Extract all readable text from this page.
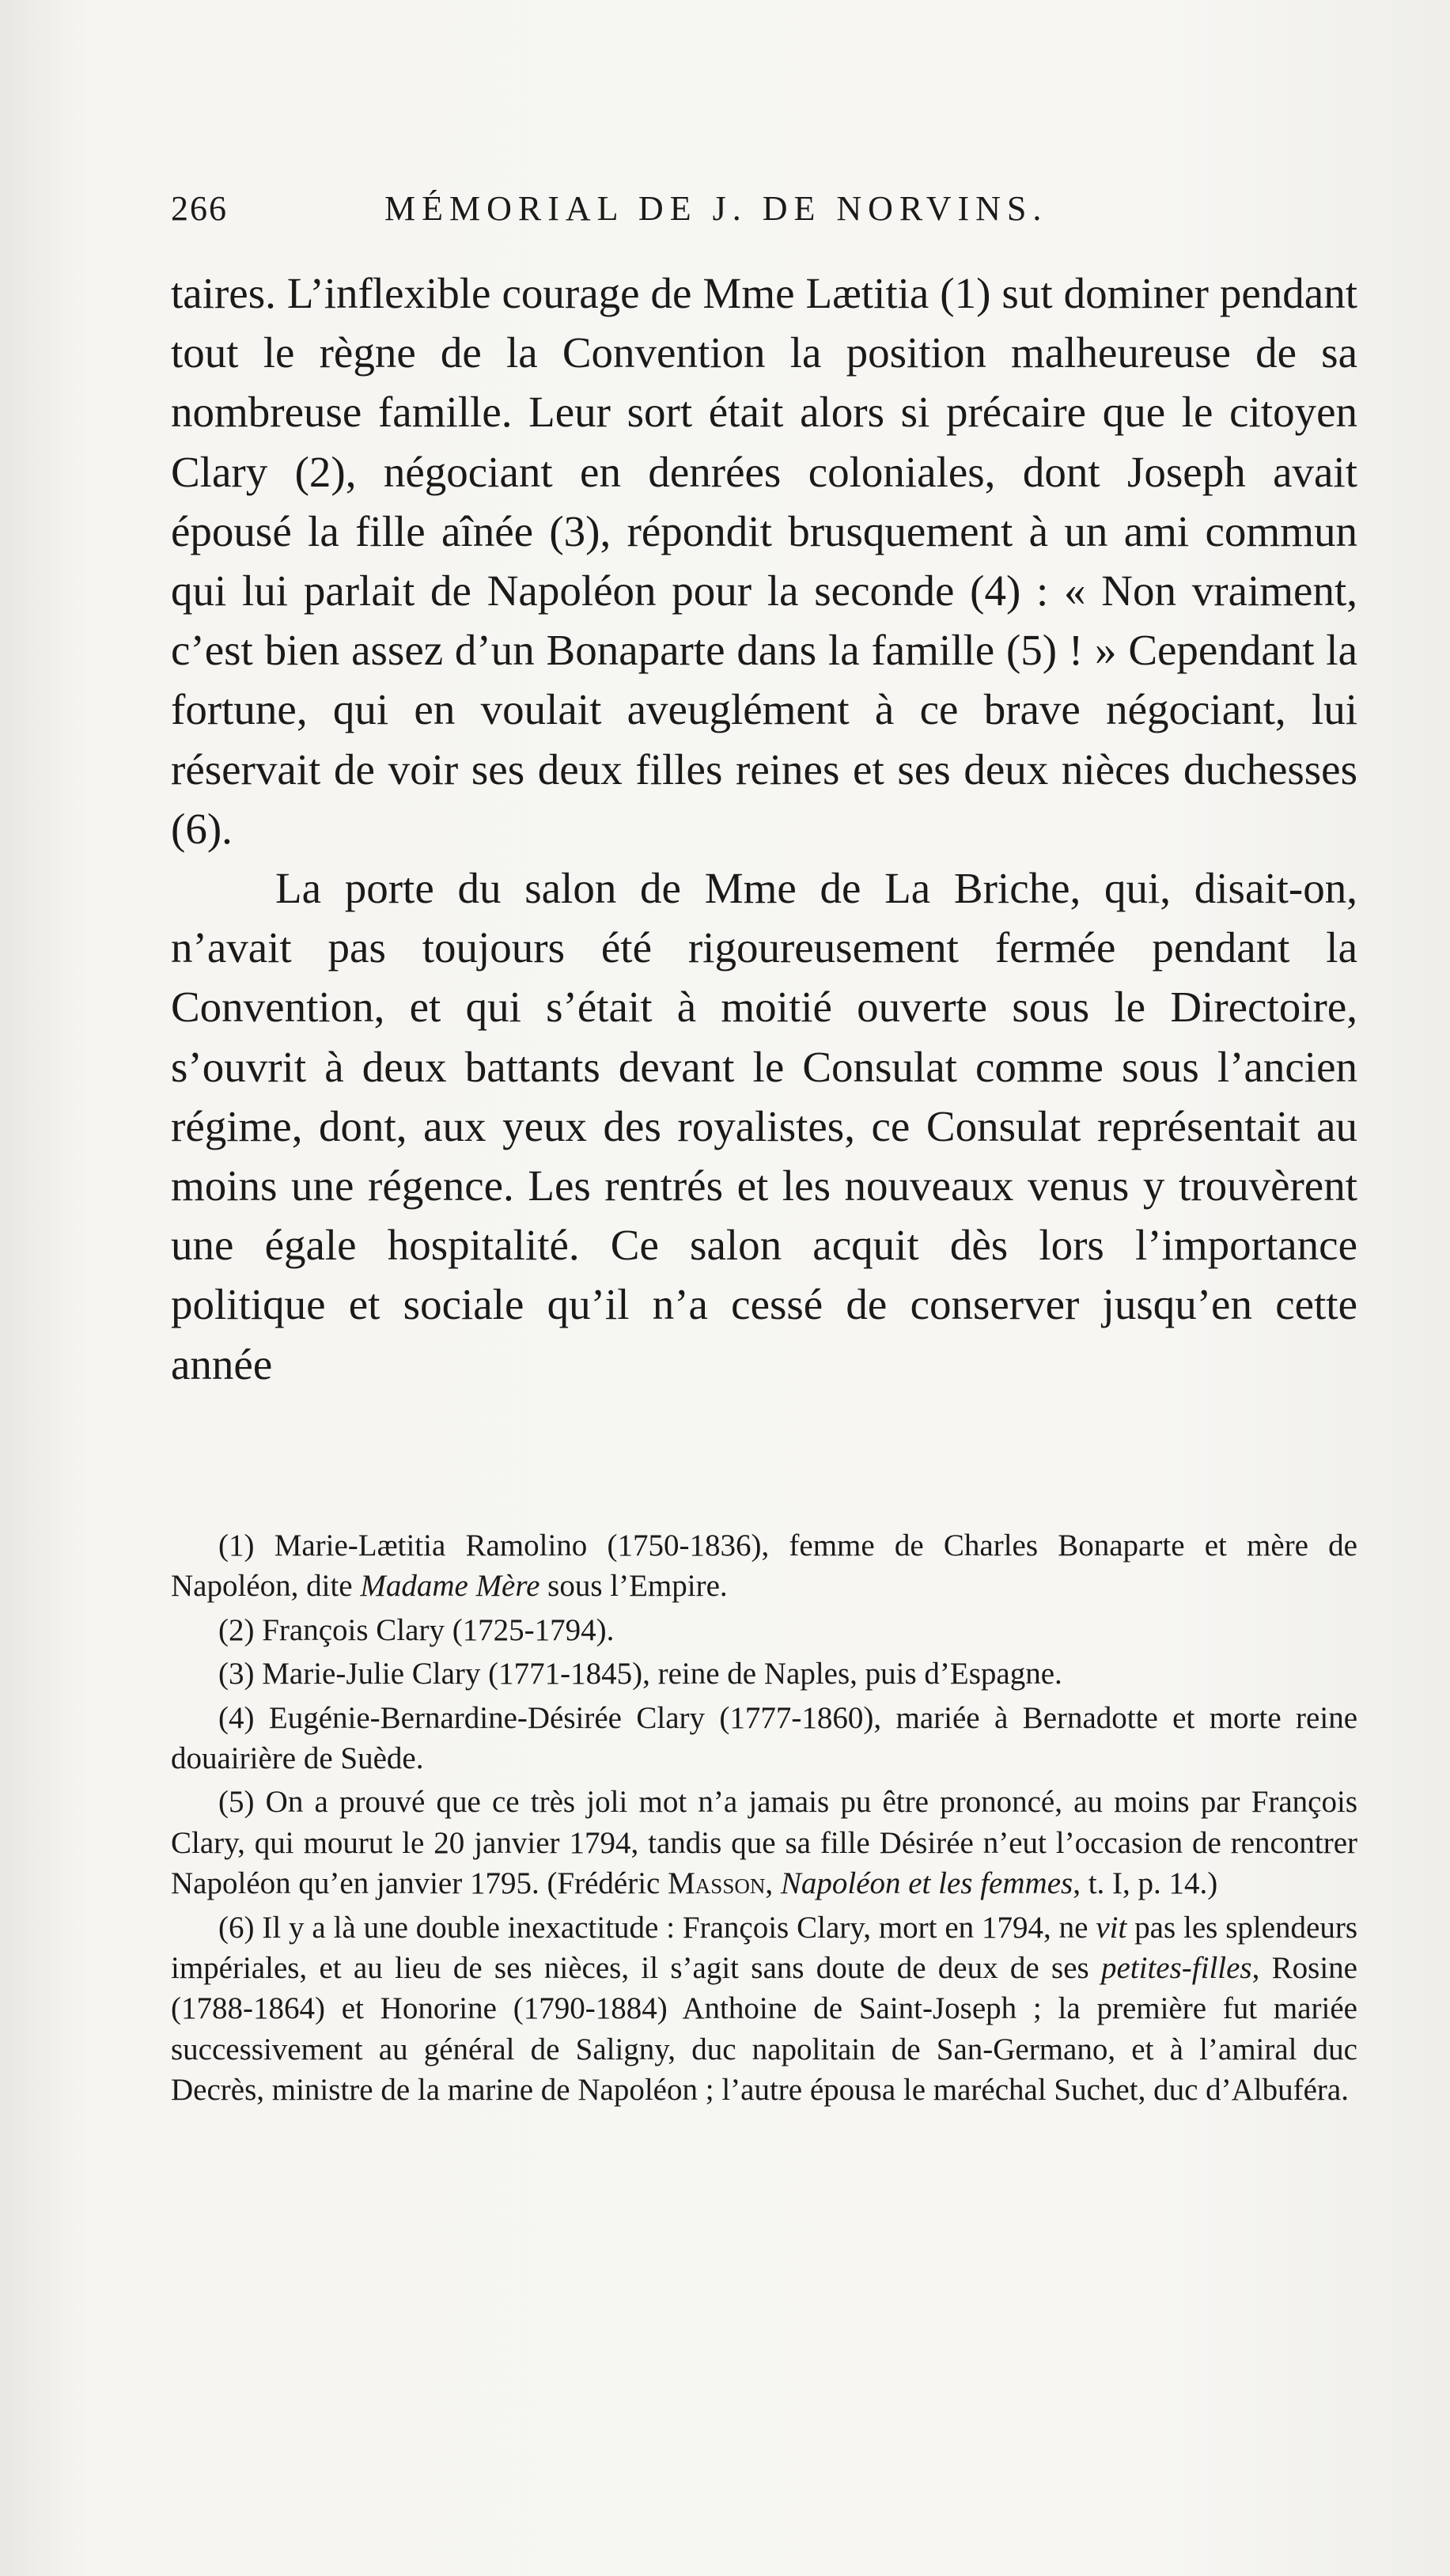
266	MÉMORIAL DE J. DE NORVINS.

taires. L’inflexible courage de Mme Lætitia (1) sut dominer pendant tout le règne de la Convention la position malheureuse de sa nombreuse famille. Leur sort était alors si précaire que le citoyen Clary (2), négociant en denrées coloniales, dont Joseph avait épousé la fille aînée (3), répondit brusquement à un ami commun qui lui parlait de Napoléon pour la seconde (4) : « Non vraiment, c’est bien assez d’un Bonaparte dans la famille (5) ! » Cependant la fortune, qui en voulait aveuglément à ce brave négociant, lui réservait de voir ses deux filles reines et ses deux nièces duchesses (6).

La porte du salon de Mme de La Briche, qui, disait-on, n’avait pas toujours été rigoureusement fermée pendant la Convention, et qui s’était à moitié ouverte sous le Directoire, s’ouvrit à deux battants devant le Consulat comme sous l’ancien régime, dont, aux yeux des royalistes, ce Consulat représentait au moins une régence. Les rentrés et les nouveaux venus y trouvèrent une égale hospitalité. Ce salon acquit dès lors l’importance politique et sociale qu’il n’a cessé de conserver jusqu’en cette année

(1) Marie-Lætitia Ramolino (1750-1836), femme de Charles Bonaparte et mère de Napoléon, dite Madame Mère sous l’Empire.

(2) François Clary (1725-1794).

(3) Marie-Julie Clary (1771-1845), reine de Naples, puis d’Espagne.

(4) Eugénie-Bernardine-Désirée Clary (1777-1860), mariée à Bernadotte et morte reine douairière de Suède.

(5) On a prouvé que ce très joli mot n’a jamais pu être prononcé, au moins par François Clary, qui mourut le 20 janvier 1794, tandis que sa fille Désirée n’eut l’occasion de rencontrer Napoléon qu’en janvier 1795. (Frédéric Masson, Napoléon et les femmes, t. I, p. 14.)

(6) Il y a là une double inexactitude : François Clary, mort en 1794, ne vit pas les splendeurs impériales, et au lieu de ses nièces, il s’agit sans doute de deux de ses petites-filles, Rosine (1788-1864) et Honorine (1790-1884) Anthoine de Saint-Joseph ; la première fut mariée successivement au général de Saligny, duc napolitain de San-Germano, et à l’amiral duc Decrès, ministre de la marine de Napoléon ; l’autre épousa le maréchal Suchet, duc d’Albuféra.
